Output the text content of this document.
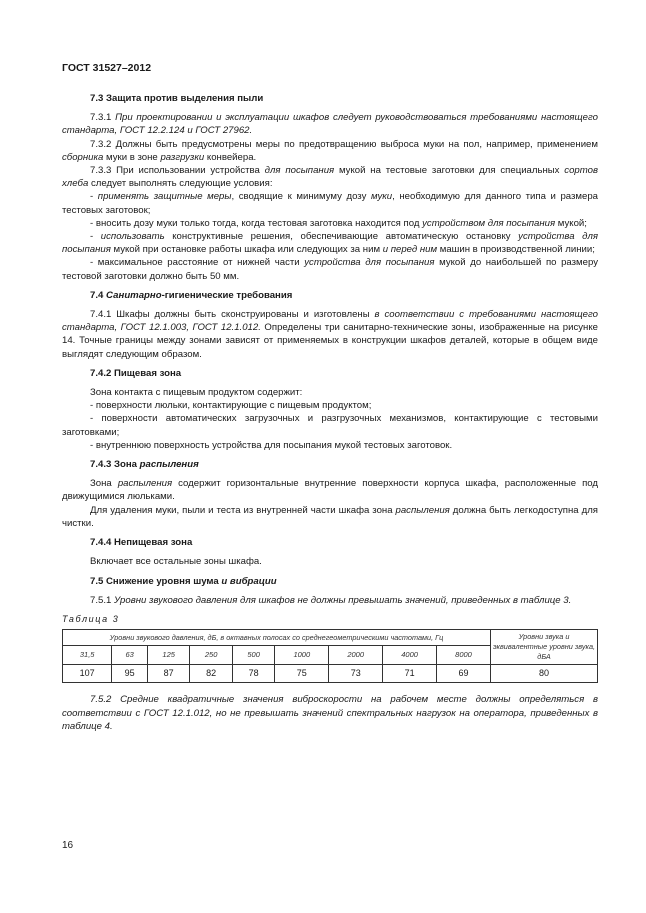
ГОСТ 31527–2012
7.3 Защита против выделения пыли

7.3.1 При проектировании и эксплуатации шкафов следует руководствоваться требованиями настоящего стандарта, ГОСТ 12.2.124 и ГОСТ 27962.

7.3.2 Должны быть предусмотрены меры по предотвращению выброса муки на пол, например, применением сборника муки в зоне разгрузки конвейера.

7.3.3 При использовании устройства для посыпания мукой на тестовые заготовки для специальных сортов хлеба следует выполнять следующие условия:

- применять защитные меры, сводящие к минимуму дозу муки, необходимую для данного типа и размера тестовых заготовок;

- вносить дозу муки только тогда, когда тестовая заготовка находится под устройством для посыпания мукой;

- использовать конструктивные решения, обеспечивающие автоматическую остановку устройства для посыпания мукой при остановке работы шкафа или следующих за ним и перед ним машин в производственной линии;

- максимальное расстояние от нижней части устройства для посыпания мукой до наибольшей по размеру тестовой заготовки должно быть 50 мм.

7.4 Санитарно-гигиенические требования

7.4.1 Шкафы должны быть сконструированы и изготовлены в соответствии с требованиями настоящего стандарта, ГОСТ 12.1.003, ГОСТ 12.1.012. Определены три санитарно-технические зоны, изображенные на рисунке 14. Точные границы между зонами зависят от применяемых в конструкции шкафов деталей, которые в общем виде выглядят следующим образом.

7.4.2 Пищевая зона

Зона контакта с пищевым продуктом содержит:

- поверхности люльки, контактирующие с пищевым продуктом;

- поверхности автоматических загрузочных и разгрузочных механизмов, контактирующие с тестовыми заготовками;

- внутреннюю поверхность устройства для посыпания мукой тестовых заготовок.

7.4.3 Зона распыления

Зона распыления содержит горизонтальные внутренние поверхности корпуса шкафа, расположенные под движущимися люльками.

Для удаления муки, пыли и теста из внутренней части шкафа зона распыления должна быть легкодоступна для чистки.

7.4.4 Непищевая зона

Включает все остальные зоны шкафа.

7.5 Снижение уровня шума и вибрации

7.5.1 Уровни звукового давления для шкафов не должны превышать значений, приведенных в таблице 3.

Таблица 3
Уровни звукового давления, дБ, в октавных полосах со среднегеометрическими частотами, Гц									Уровни звука и эквивалентные уровни звука, дБА
31,5	63	125	250	500	1000	2000	4000	8000	
107	95	87	82	78	75	73	71	69	80

7.5.2 Средние квадратичные значения виброскорости на рабочем месте должны определяться в соответствии с ГОСТ 12.1.012, но не превышать значений спектральных нагрузок на оператора, приведенных в таблице 4.

16
